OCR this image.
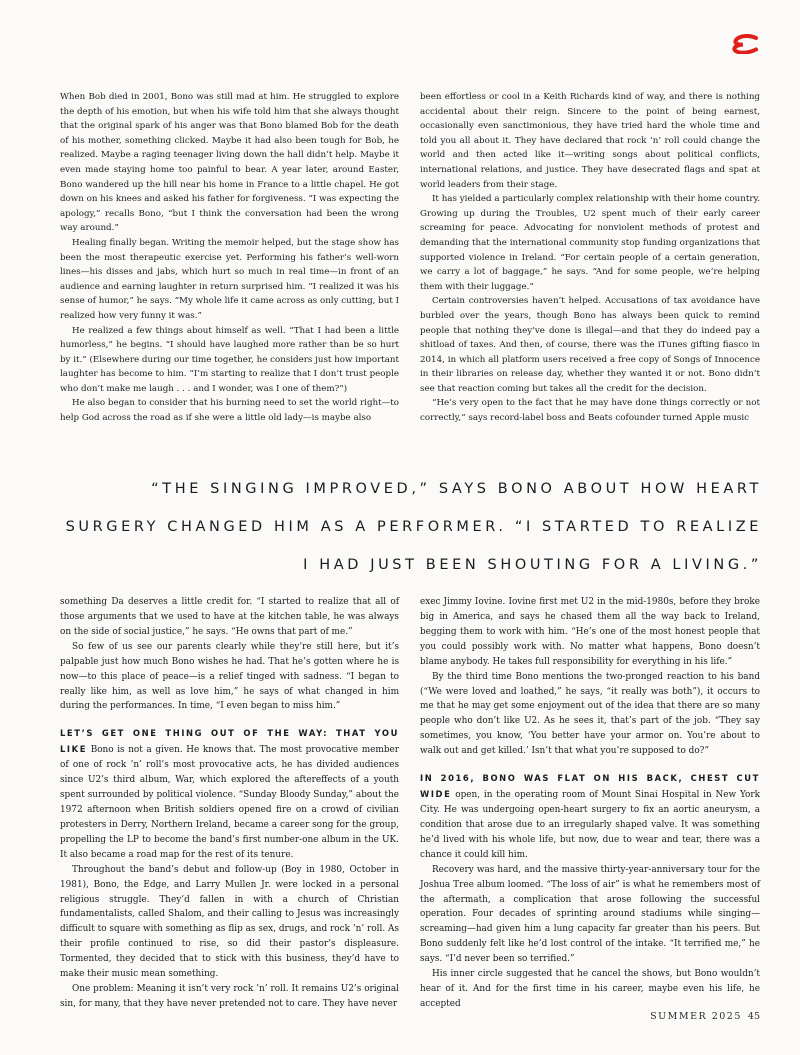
When Bob died in 2001, Bono was still mad at him. He struggled to explore the depth of his emotion, but when his wife told him that she always thought that the original spark of his anger was that Bono blamed Bob for the death of his mother, something clicked. Maybe it had also been tough for Bob, he realized. Maybe a raging teenager living down the hall didn’t help. Maybe it even made staying home too painful to bear. A year later, around Easter, Bono wandered up the hill near his home in France to a little chapel. He got down on his knees and asked his father for forgiveness. “I was expecting the apology,” recalls Bono, “but I think the conversation had been the wrong way around.”

Healing finally began. Writing the memoir helped, but the stage show has been the most therapeutic exercise yet. Performing his father’s well-worn lines—his disses and jabs, which hurt so much in real time—in front of an audience and earning laughter in return surprised him. “I realized it was his sense of humor,” he says. “My whole life it came across as only cutting, but I realized how very funny it was.”

He realized a few things about himself as well. “That I had been a little humorless,” he begins. “I should have laughed more rather than be so hurt by it.” (Elsewhere during our time together, he considers just how important laughter has become to him. “I’m starting to realize that I don’t trust people who don’t make me laugh . . . and I wonder, was I one of them?”)

He also began to consider that his burning need to set the world right—to help God across the road as if she were a little old lady—is maybe also

been effortless or cool in a Keith Richards kind of way, and there is nothing accidental about their reign. Sincere to the point of being earnest, occasionally even sanctimonious, they have tried hard the whole time and told you all about it. They have declared that rock ’n’ roll could change the world and then acted like it—writing songs about political conflicts, international relations, and justice. They have desecrated flags and spat at world leaders from their stage.

It has yielded a particularly complex relationship with their home country. Growing up during the Troubles, U2 spent much of their early career screaming for peace. Advocating for nonviolent methods of protest and demanding that the international community stop funding organizations that supported violence in Ireland. “For certain people of a certain generation, we carry a lot of baggage,” he says. “And for some people, we’re helping them with their luggage.”

Certain controversies haven’t helped. Accusations of tax avoidance have burbled over the years, though Bono has always been quick to remind people that nothing they’ve done is illegal—and that they do indeed pay a shitload of taxes. And then, of course, there was the iTunes gifting fiasco in 2014, in which all platform users received a free copy of Songs of Innocence in their libraries on release day, whether they wanted it or not. Bono didn’t see that reaction coming but takes all the credit for the decision.

“He’s very open to the fact that he may have done things correctly or not correctly,” says record-label boss and Beats cofounder turned Apple music

“THE SINGING IMPROVED,” SAYS BONO ABOUT HOW HEART
SURGERY CHANGED HIM AS A PERFORMER. “I STARTED TO REALIZE
I HAD JUST BEEN SHOUTING FOR A LIVING.”

something Da deserves a little credit for. “I started to realize that all of those arguments that we used to have at the kitchen table, he was always on the side of social justice,” he says. “He owns that part of me.”

So few of us see our parents clearly while they’re still here, but it’s palpable just how much Bono wishes he had. That he’s gotten where he is now—to this place of peace—is a relief tinged with sadness. “I began to really like him, as well as love him,” he says of what changed in him during the performances. In time, “I even began to miss him.”

LET’S GET ONE THING OUT OF THE WAY: THAT YOU LIKE Bono is not a given. He knows that. The most provocative member of one of rock ’n’ roll’s most provocative acts, he has divided audiences since U2’s third album, War, which explored the aftereffects of a youth spent surrounded by political violence. “Sunday Bloody Sunday,” about the 1972 afternoon when British soldiers opened fire on a crowd of civilian protesters in Derry, Northern Ireland, became a career song for the group, propelling the LP to become the band’s first number-one album in the UK. It also became a road map for the rest of its tenure.

Throughout the band’s debut and follow-up (Boy in 1980, October in 1981), Bono, the Edge, and Larry Mullen Jr. were locked in a personal religious struggle. They’d fallen in with a church of Christian fundamentalists, called Shalom, and their calling to Jesus was increasingly difficult to square with something as flip as sex, drugs, and rock ’n’ roll. As their profile continued to rise, so did their pastor’s displeasure. Tormented, they decided that to stick with this business, they’d have to make their music mean something.

One problem: Meaning it isn’t very rock ’n’ roll. It remains U2’s original sin, for many, that they have never pretended not to care. They have never

exec Jimmy Iovine. Iovine first met U2 in the mid-1980s, before they broke big in America, and says he chased them all the way back to Ireland, begging them to work with him. “He’s one of the most honest people that you could possibly work with. No matter what happens, Bono doesn’t blame anybody. He takes full responsibility for everything in his life.”

By the third time Bono mentions the two-pronged reaction to his band (“We were loved and loathed,” he says, “it really was both”), it occurs to me that he may get some enjoyment out of the idea that there are so many people who don’t like U2. As he sees it, that’s part of the job. “They say sometimes, you know, ‘You better have your armor on. You’re about to walk out and get killed.’ Isn’t that what you’re supposed to do?”

IN 2016, BONO WAS FLAT ON HIS BACK, CHEST CUT WIDE open, in the operating room of Mount Sinai Hospital in New York City. He was undergoing open-heart surgery to fix an aortic aneurysm, a condition that arose due to an irregularly shaped valve. It was something he’d lived with his whole life, but now, due to wear and tear, there was a chance it could kill him.

Recovery was hard, and the massive thirty-year-anniversary tour for the Joshua Tree album loomed. “The loss of air” is what he remembers most of the aftermath, a complication that arose following the successful operation. Four decades of sprinting around stadiums while singing—screaming—had given him a lung capacity far greater than his peers. But Bono suddenly felt like he’d lost control of the intake. “It terrified me,” he says. “I’d never been so terrified.”

His inner circle suggested that he cancel the shows, but Bono wouldn’t hear of it. And for the first time in his career, maybe even his life, he accepted

SUMMER 2025 45
